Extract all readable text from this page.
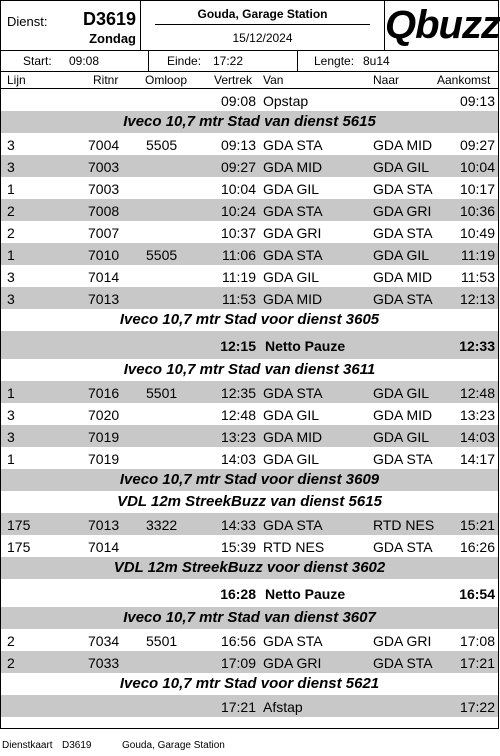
Dienst: D3619
Zondag
Gouda, Garage Station
15/12/2024	Qbuzz
Start: 09:08	Einde: 17:22	Lengte: 8u14
Lijn	Ritnr Omloop Vertrek Van	Naar	Aankomst
09:08 Opstap	09:13
Iveco 10,7 mtr Stad van dienst 5615
3	7004 5505	09:13 GDA STA	GDA MID 09:27
3	7003	09:27 GDA MID	GDA GIL 10:04
1	7003	10:04 GDA GIL	GDA STA 10:17
2	7008	10:24 GDA STA	GDA GRI 10:36
2	7007	10:37 GDA GRI	GDA STA 10:49
1	7010 5505	11:06 GDA STA	GDA GIL 11:19
3	7014	11:19 GDA GIL	GDA MID 11:53
3	7013	11:53 GDA MID	GDA STA 12:13
Iveco 10,7 mtr Stad voor dienst 3605
12:15 Netto Pauze	12:33
Iveco 10,7 mtr Stad van dienst 3611
1	7016 5501	12:35 GDA STA	GDA GIL 12:48
3	7020	12:48 GDA GIL	GDA MID 13:23
3	7019	13:23 GDA MID	GDA GIL 14:03
1	7019	14:03 GDA GIL	GDA STA 14:17
Iveco 10,7 mtr Stad voor dienst 3609
VDL 12m StreekBuzz van dienst 5615
175	7013 3322	14:33 GDA STA	RTD NES 15:21
175	7014	15:39 RTD NES	GDA STA 16:26
VDL 12m StreekBuzz voor dienst 3602
16:28 Netto Pauze	16:54
Iveco 10,7 mtr Stad van dienst 3607
2	7034 5501	16:56 GDA STA	GDA GRI 17:08
2	7033	17:09 GDA GRI	GDA STA 17:21
Iveco 10,7 mtr Stad voor dienst 5621
17:21 Afstap	17:22
Dienstkaart D3619	Gouda, Garage Station
